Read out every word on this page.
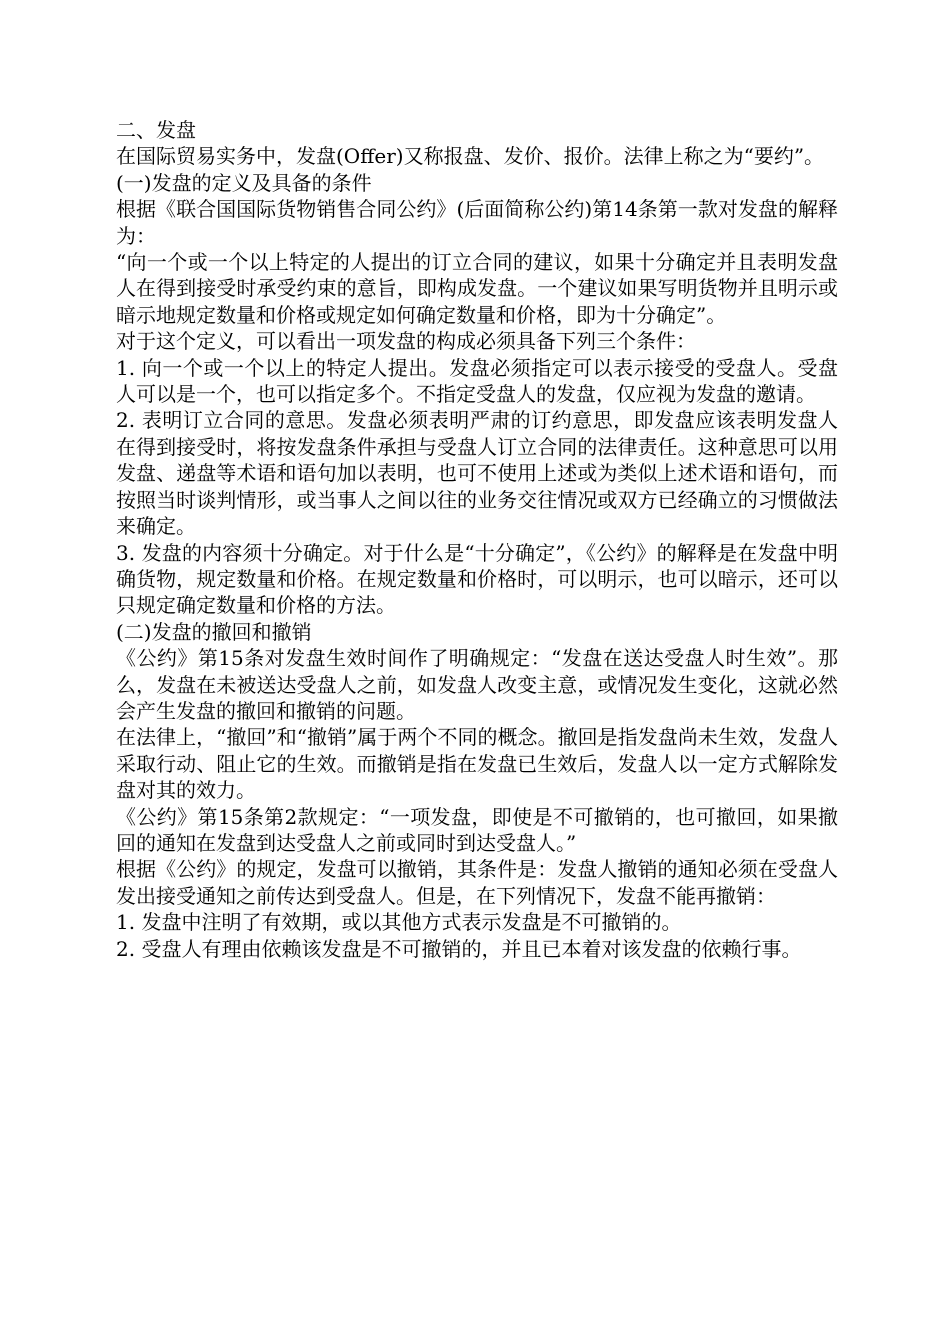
二、发盘

在国际贸易实务中，发盘(Offer)又称报盘、发价、报价。法律上称之为“要约”。

(一)发盘的定义及具备的条件

根据《联合国国际货物销售合同公约》(后面简称公约)第14条第一款对发盘的解释为：

“向一个或一个以上特定的人提出的订立合同的建议，如果十分确定并且表明发盘人在得到接受时承受约束的意旨，即构成发盘。一个建议如果写明货物并且明示或暗示地规定数量和价格或规定如何确定数量和价格，即为十分确定”。

对于这个定义，可以看出一项发盘的构成必须具备下列三个条件：

1. 向一个或一个以上的特定人提出。发盘必须指定可以表示接受的受盘人。受盘人可以是一个，也可以指定多个。不指定受盘人的发盘，仅应视为发盘的邀请。

2. 表明订立合同的意思。发盘必须表明严肃的订约意思，即发盘应该表明发盘人在得到接受时，将按发盘条件承担与受盘人订立合同的法律责任。这种意思可以用发盘、递盘等术语和语句加以表明，也可不使用上述或为类似上述术语和语句，而按照当时谈判情形，或当事人之间以往的业务交往情况或双方已经确立的习惯做法来确定。

3. 发盘的内容须十分确定。对于什么是“十分确定”，《公约》的解释是在发盘中明确货物，规定数量和价格。在规定数量和价格时，可以明示，也可以暗示，还可以只规定确定数量和价格的方法。

(二)发盘的撤回和撤销

《公约》第15条对发盘生效时间作了明确规定：“发盘在送达受盘人时生效”。那么，发盘在未被送达受盘人之前，如发盘人改变主意，或情况发生变化，这就必然会产生发盘的撤回和撤销的问题。

在法律上，“撤回”和“撤销”属于两个不同的概念。撤回是指发盘尚未生效，发盘人采取行动、阻止它的生效。而撤销是指在发盘已生效后，发盘人以一定方式解除发盘对其的效力。

《公约》第15条第2款规定：“一项发盘，即使是不可撤销的，也可撤回，如果撤回的通知在发盘到达受盘人之前或同时到达受盘人。”

根据《公约》的规定，发盘可以撤销，其条件是：发盘人撤销的通知必须在受盘人发出接受通知之前传达到受盘人。但是，在下列情况下，发盘不能再撤销：

1. 发盘中注明了有效期，或以其他方式表示发盘是不可撤销的。

2. 受盘人有理由依赖该发盘是不可撤销的，并且已本着对该发盘的依赖行事。
